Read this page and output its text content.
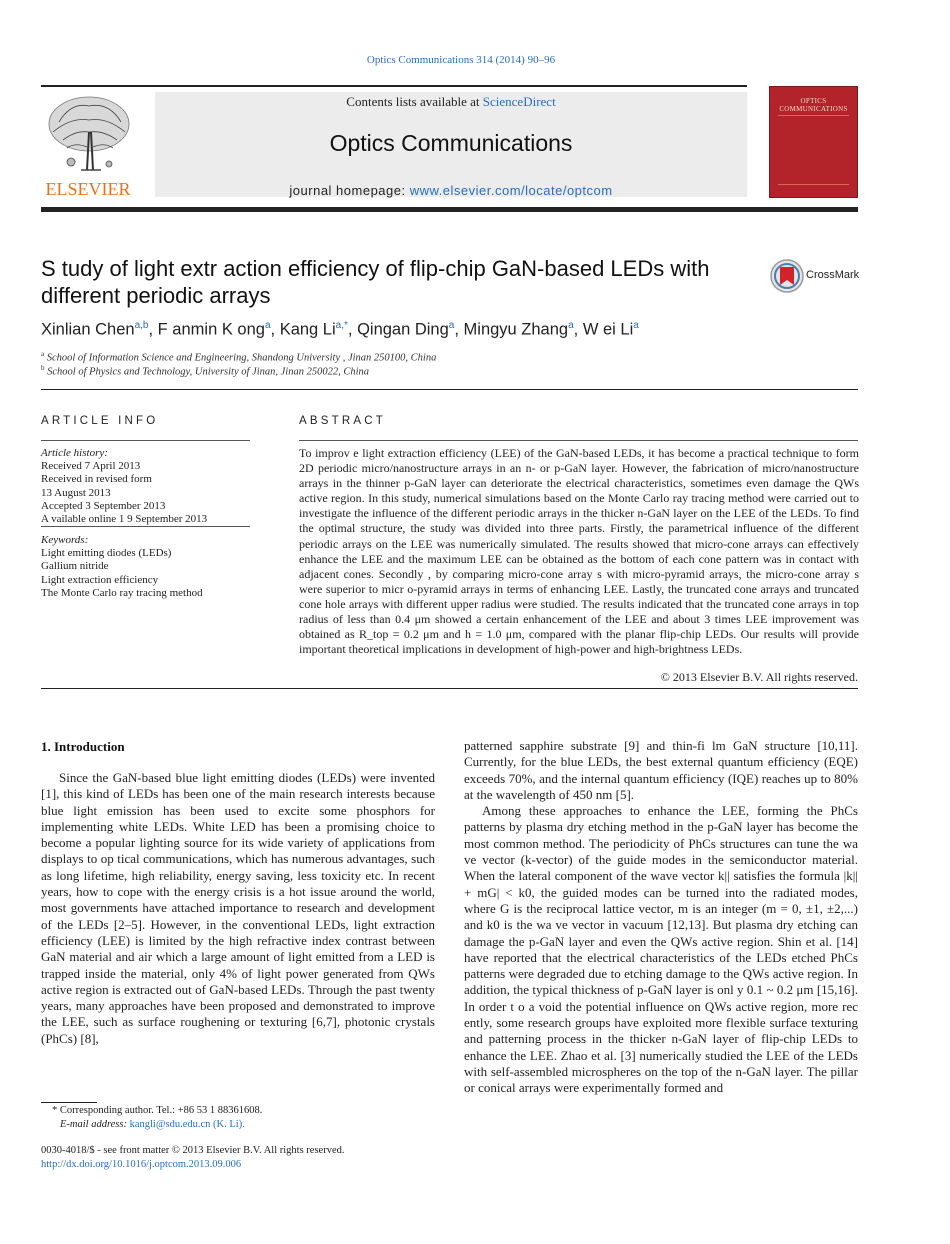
Optics Communications 314 (2014) 90–96
Contents lists available at ScienceDirect
Optics Communications
journal homepage: www.elsevier.com/locate/optcom
ELSEVIER
OPTICS COMMUNICATIONS
S tudy of light extr action efficiency of flip-chip GaN-based LEDs with different periodic arrays
CrossMark
Xinlian Chen$^{a,b}$, F anmin K ong$^a$, Kang $Li^{a,*}$, Qingan Ding$^a$, Mingyu Zhang$^a$, W ei Li$^a$
$^a$ School of Information Science and Engineering, Shandong University , Jinan 250100, China
$^b$ School of Physics and Technology, University of Jinan, Jinan 250022, China
ARTICLE INFO
Article history:
Received 7 April 2013
Received in revised form
13 August 2013
Accepted 3 September 2013
A vailable online 1 9 September 2013
Keywords:
Light emitting diodes (LEDs)
Gallium nitride
Light extraction efficiency
The Monte Carlo ray tracing method
ABSTRACT
To improv e light extraction efficiency (LEE) of the GaN-based LEDs, it has become a practical technique to form 2D periodic micro/nanostructure arrays in an n- or p-GaN layer. However, the fabrication of micro/nanostructure arrays in the thinner p-GaN layer can deteriorate the electrical characteristics, sometimes even damage the QWs active region. In this study, numerical simulations based on the Monte Carlo ray tracing method were carried out to investigate the influence of the different periodic arrays in the thicker n-GaN layer on the LEE of the LEDs. To find the optimal structure, the study was divided into three parts. Firstly, the parametrical influence of the different periodic arrays on the LEE was numerically simulated. The results showed that micro-cone arrays can effectively enhance the LEE and the maximum LEE can be obtained as the bottom of each cone pattern was in contact with adjacent cones. Secondly , by comparing micro-cone array s with micro-pyramid arrays, the micro-cone array s were superior to micr o-pyramid arrays in terms of enhancing LEE. Lastly, the truncated cone arrays and truncated cone hole arrays with different upper radius were studied. The results indicated that the truncated cone arrays in top radius of less than 0.4 μm showed a certain enhancement of the LEE and about 3 times LEE improvement was obtained as R_top = 0.2 μm and h = 1.0 μm, compared with the planar flip-chip LEDs. Our results will provide important theoretical implications in development of high-power and high-brightness LEDs.
© 2013 Elsevier B.V. All rights reserved.
1. Introduction
Since the GaN-based blue light emitting diodes (LEDs) were invented [1], this kind of LEDs has been one of the main research interests because blue light emission has been used to excite some phosphors for implementing white LEDs. White LED has been a promising choice to become a popular lighting source for its wide variety of applications from displays to op tical communications, which has numerous advantages, such as long lifetime, high reliability, energy saving, less toxicity etc. In recent years, how to cope with the energy crisis is a hot issue around the world, most governments have attached importance to research and development of the LEDs [2–5]. However, in the conventional LEDs, light extraction efficiency (LEE) is limited by the high refractive index contrast between GaN material and air which a large amount of light emitted from a LED is trapped inside the material, only 4% of light power generated from QWs active region is extracted out of GaN-based LEDs. Through the past twenty years, many approaches have been proposed and demonstrated to improve the LEE, such as surface roughening or texturing [6,7], photonic crystals (PhCs) [8],

patterned sapphire substrate [9] and thin-fi lm GaN structure [10,11]. Currently, for the blue LEDs, the best external quantum efficiency (EQE) exceeds 70%, and the internal quantum efficiency (IQE) reaches up to 80% at the wavelength of 450 nm [5].

Among these approaches to enhance the LEE, forming the PhCs patterns by plasma dry etching method in the p-GaN layer has become the most common method. The periodicity of PhCs structures can tune the wa ve vector (k-vector) of the guide modes in the semiconductor material. When the lateral component of the wave vector k|| satisfies the formula |k|| + mG| < k0, the guided modes can be turned into the radiated modes, where G is the reciprocal lattice vector, m is an integer (m = 0, ±1, ±2,...) and k0 is the wa ve vector in vacuum [12,13]. But plasma dry etching can damage the p-GaN layer and even the QWs active region. Shin et al. [14] have reported that the electrical characteristics of the LEDs etched PhCs patterns were degraded due to etching damage to the QWs active region. In addition, the typical thickness of p-GaN layer is onl y 0.1 ~ 0.2 μm [15,16]. In order t o a void the potential influence on QWs active region, more rec ently, some research groups have exploited more flexible surface texturing and patterning process in the thicker n-GaN layer of flip-chip LEDs to enhance the LEE. Zhao et al. [3] numerically studied the LEE of the LEDs with self-assembled microspheres on the top of the n-GaN layer. The pillar or conical arrays were experimentally formed and

* Corresponding author. Tel.: +86 53 1 88361608.
E-mail address: kangli@sdu.edu.cn (K. Li).
0030-4018/$ - see front matter © 2013 Elsevier B.V. All rights reserved.
http://dx.doi.org/10.1016/j.optcom.2013.09.006
